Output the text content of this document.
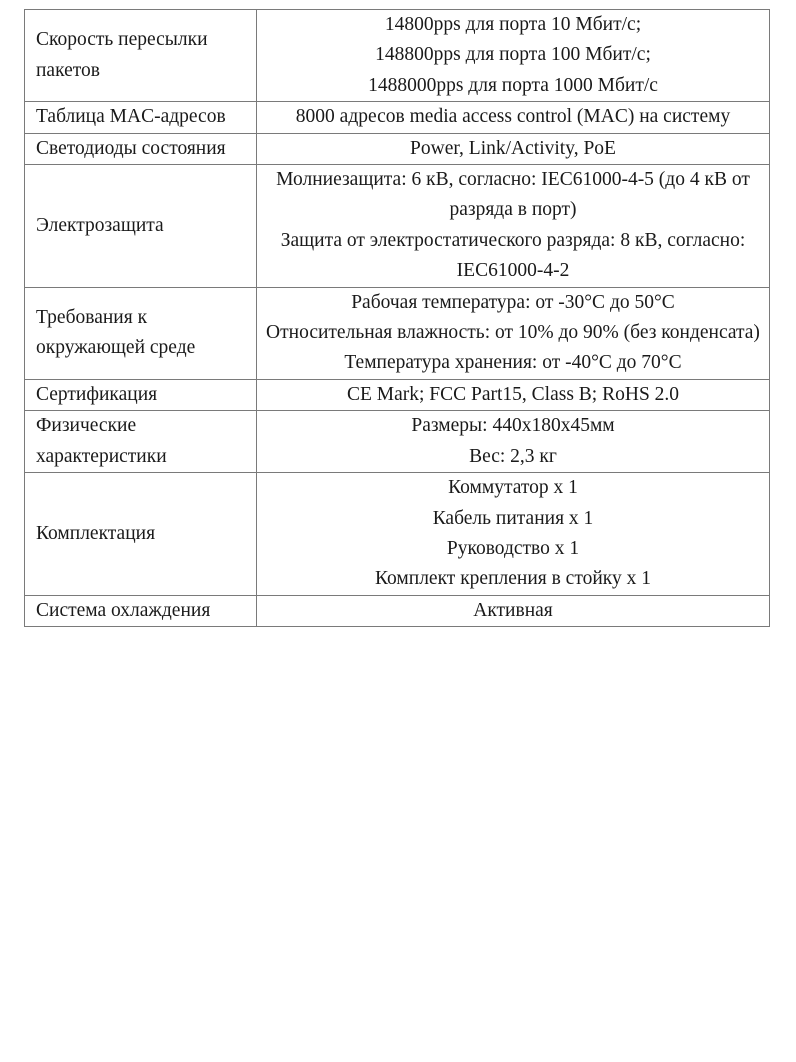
Скорость пересылки пакетов	14800pps для порта 10 Мбит/с;
148800pps для порта 100 Мбит/с;
1488000pps для порта 1000 Мбит/с

Таблица MAC-адресов	8000 адресов media access control (MAC) на системy

Светодиоды состояния	Power, Link/Activity, PoE

Электрозащита	Молниезащита: 6 кВ, согласно: IEC61000-4-5 (до 4 кВ от разряда в порт)
Защита от электростатического разряда: 8 кВ, согласно: IEC61000-4-2

Требования к окружающей среде	Рабочая температура: от -30°C до 50°C
Относительная влажность: от 10% до 90% (без конденсата)
Температура хранения: от -40°C до 70°C

Сертификация	CE Mark; FCC Part15, Class B; RoHS 2.0

Физические характеристики	Размеры: 440x180x45мм
Вес: 2,3 кг

Комплектация	Коммутатор x 1
Кабель питания x 1
Руководство x 1
Комплект крепления в стойку x 1

Система охлаждения	Активная
